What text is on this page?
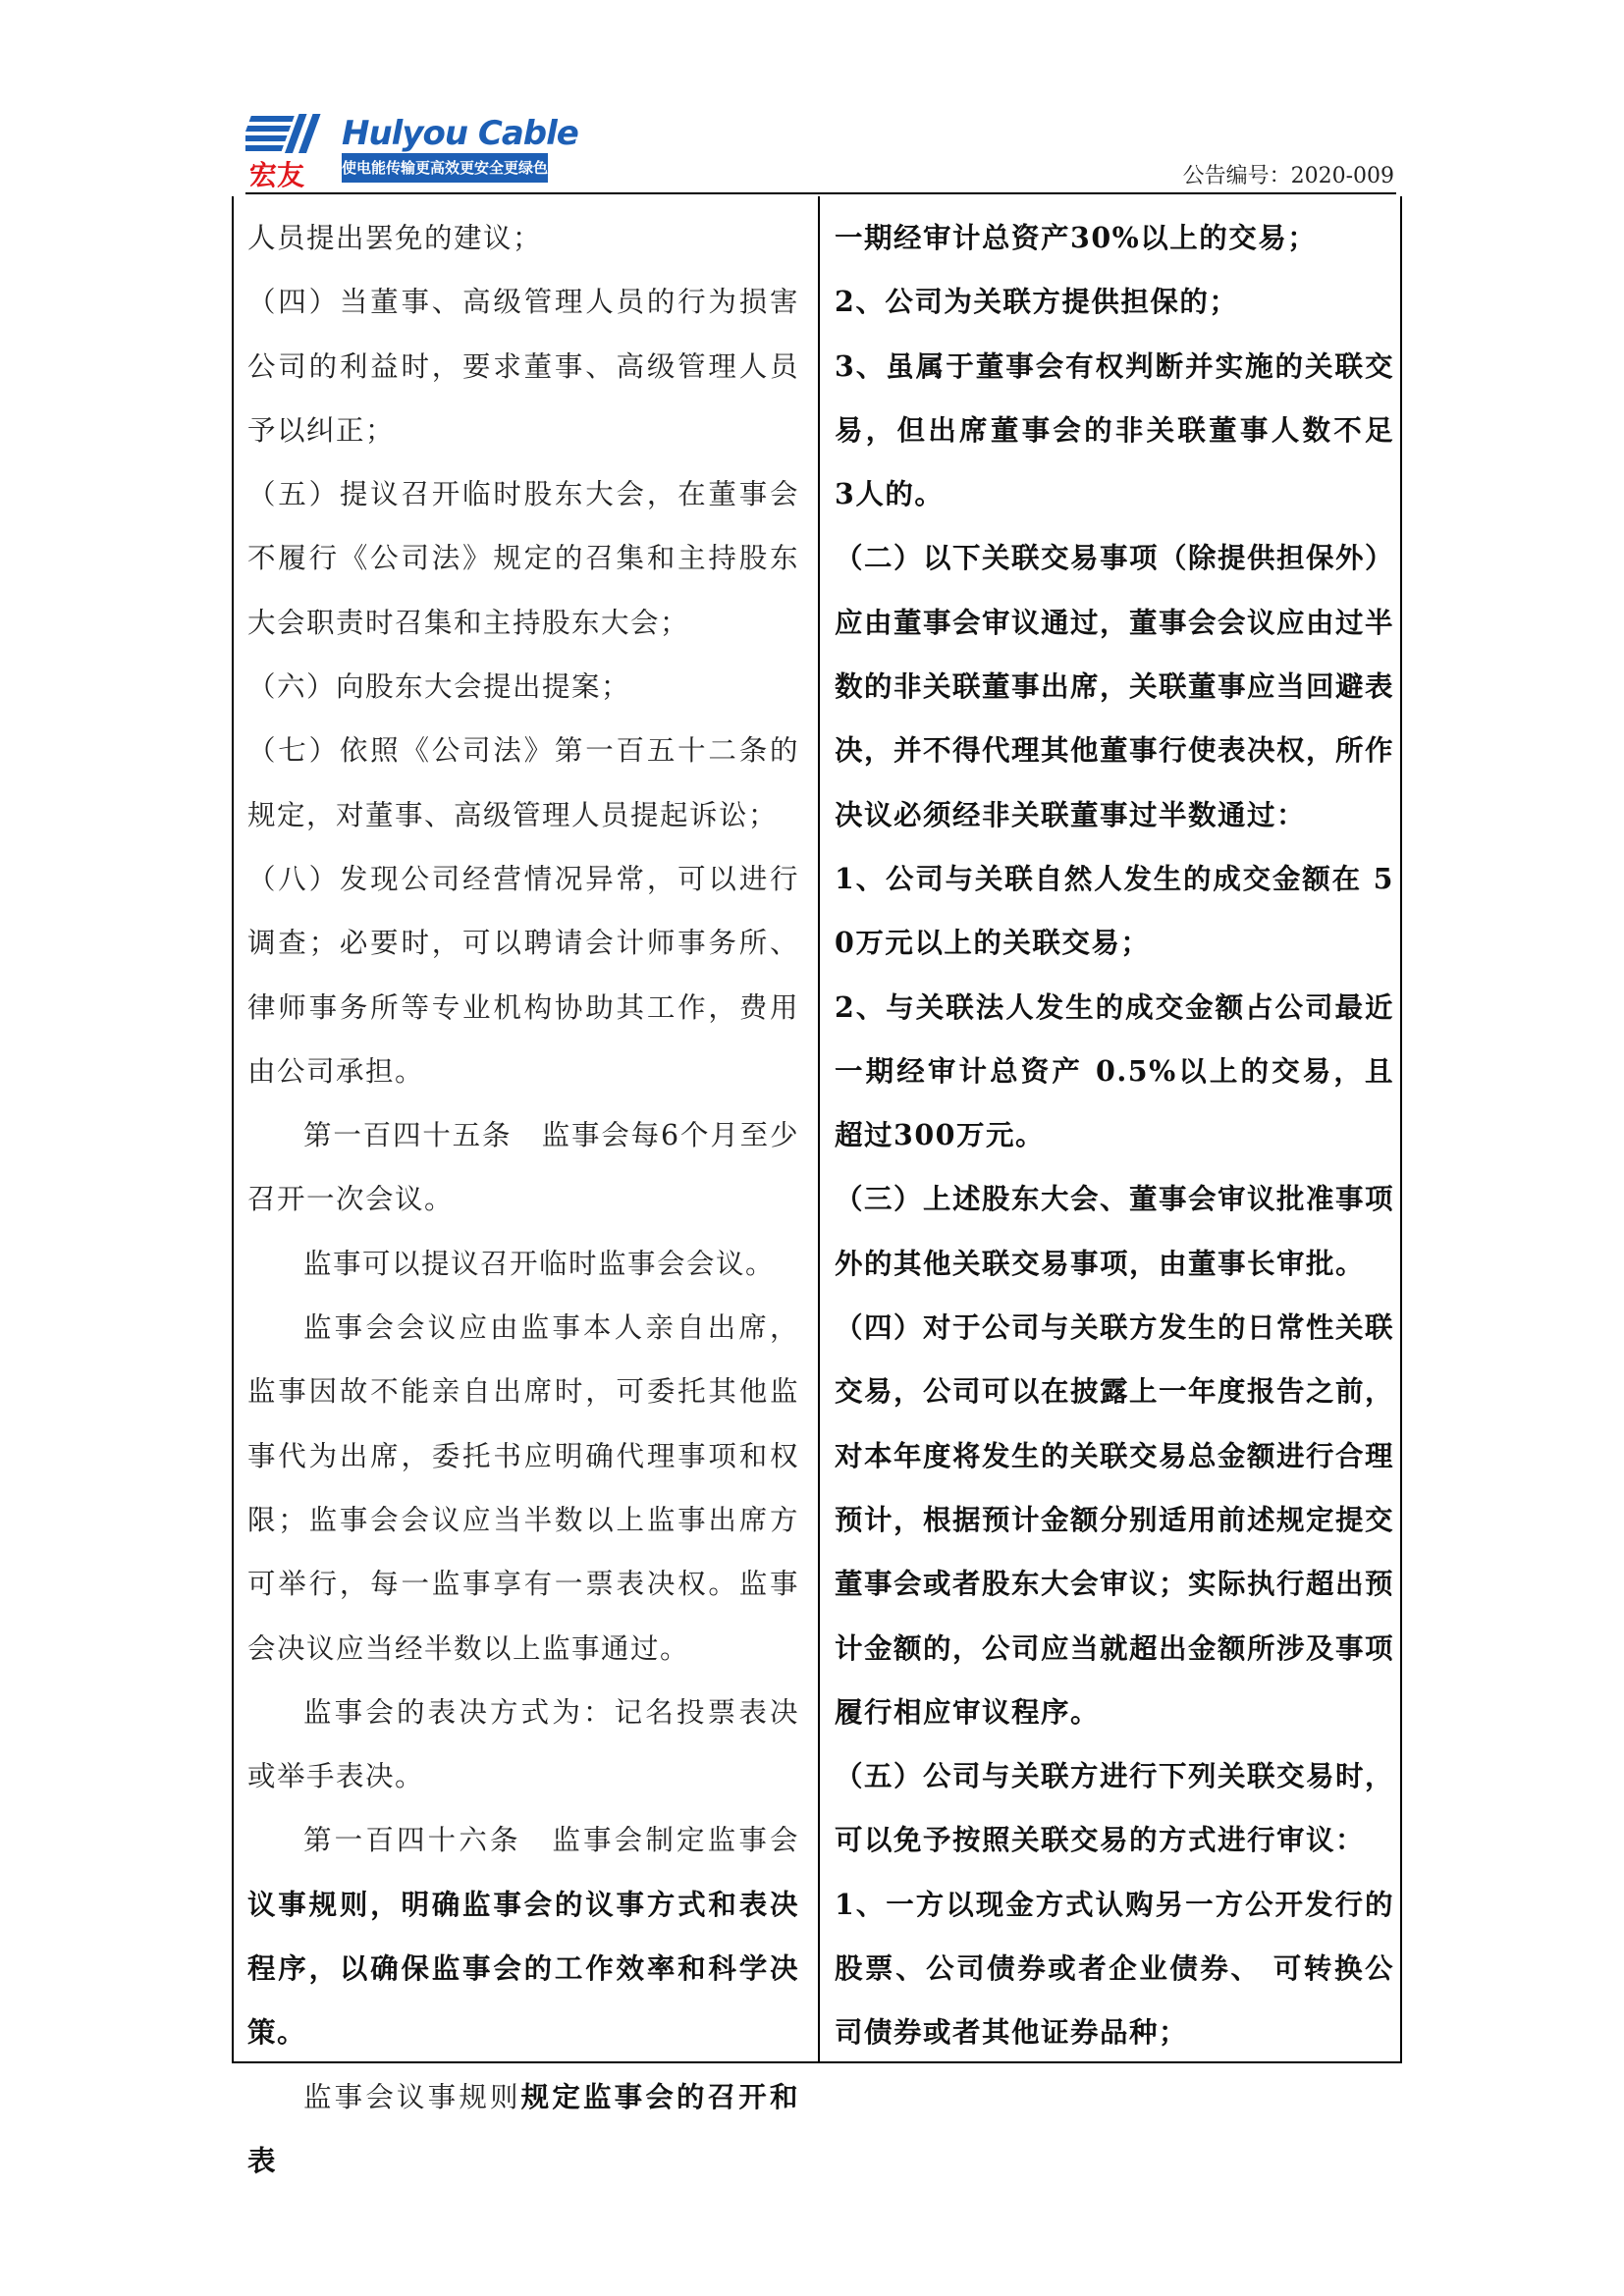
宏友
Hulyou Cable
使电能传输更高效更安全更绿色	公告编号：2020-009

人员提出罢免的建议；

（四）当董事、高级管理人员的行为损害公司的利益时，要求董事、高级管理人员予以纠正；

（五）提议召开临时股东大会，在董事会不履行《公司法》规定的召集和主持股东大会职责时召集和主持股东大会；

（六）向股东大会提出提案；

（七）依照《公司法》第一百五十二条的规定，对董事、高级管理人员提起诉讼；

（八）发现公司经营情况异常，可以进行调查；必要时，可以聘请会计师事务所、律师事务所等专业机构协助其工作，费用由公司承担。

第一百四十五条　监事会每6个月至少召开一次会议。

监事可以提议召开临时监事会会议。

监事会会议应由监事本人亲自出席，监事因故不能亲自出席时，可委托其他监事代为出席，委托书应明确代理事项和权限；监事会会议应当半数以上监事出席方可举行，每一监事享有一票表决权。监事会决议应当经半数以上监事通过。

监事会的表决方式为：记名投票表决或举手表决。

第一百四十六条　监事会制定监事会议事规则，明确监事会的议事方式和表决程序，以确保监事会的工作效率和科学决策。

监事会议事规则规定监事会的召开和表

一期经审计总资产30%以上的交易；

2、公司为关联方提供担保的；

3、虽属于董事会有权判断并实施的关联交易，但出席董事会的非关联董事人数不足 3人的。

（二）以下关联交易事项（除提供担保外）应由董事会审议通过，董事会会议应由过半数的非关联董事出席，关联董事应当回避表决，并不得代理其他董事行使表决权，所作决议必须经非关联董事过半数通过：

1、公司与关联自然人发生的成交金额在 50万元以上的关联交易；

2、与关联法人发生的成交金额占公司最近一期经审计总资产 0.5%以上的交易，且超过300万元。

（三）上述股东大会、董事会审议批准事项外的其他关联交易事项，由董事长审批。

（四）对于公司与关联方发生的日常性关联交易，公司可以在披露上一年度报告之前，对本年度将发生的关联交易总金额进行合理预计，根据预计金额分别适用前述规定提交董事会或者股东大会审议；实际执行超出预计金额的，公司应当就超出金额所涉及事项履行相应审议程序。

（五）公司与关联方进行下列关联交易时，可以免予按照关联交易的方式进行审议：

1、一方以现金方式认购另一方公开发行的股票、公司债券或者企业债券、 可转换公司债券或者其他证券品种；
